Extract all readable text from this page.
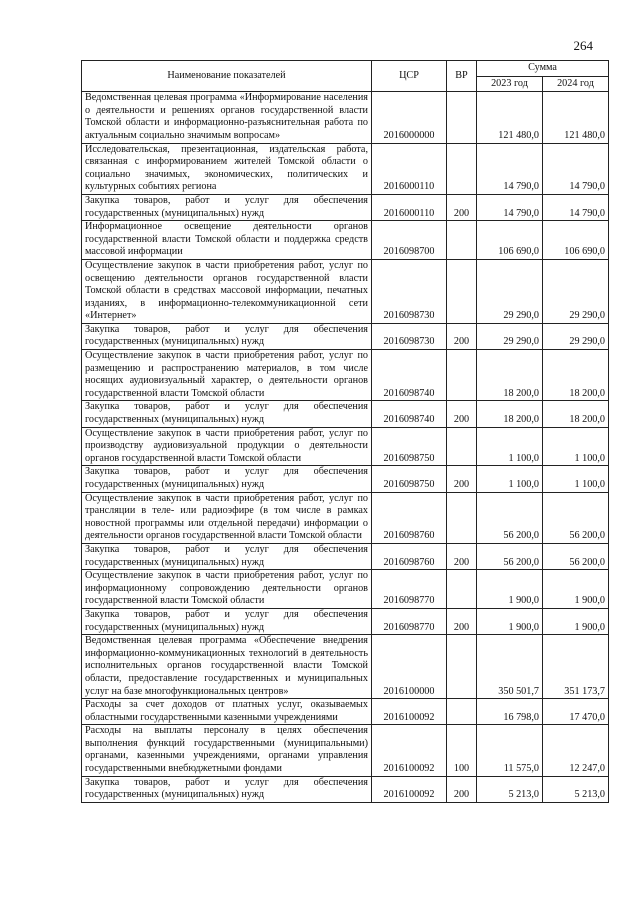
264
Наименование показателей	ЦСР	ВР	Сумма	
			2023 год	2024 год
Ведомственная целевая программа «Информирование населения о деятельности и решениях органов государственной власти Томской области и информационно-разъяснительная работа по актуальным социально значимым вопросам»	2016000000		121 480,0	121 480,0
Исследовательская, презентационная, издательская работа, связанная с информированием жителей Томской области о социально значимых, экономических, политических и культурных событиях региона	2016000110		14 790,0	14 790,0
Закупка товаров, работ и услуг для обеспечения государственных (муниципальных) нужд	2016000110	200	14 790,0	14 790,0
Информационное освещение деятельности органов государственной власти Томской области и поддержка средств массовой информации	2016098700		106 690,0	106 690,0
Осуществление закупок в части приобретения работ, услуг по освещению деятельности органов государственной власти Томской области в средствах массовой информации, печатных изданиях, в информационно-телекоммуникационной сети «Интернет»	2016098730		29 290,0	29 290,0
Закупка товаров, работ и услуг для обеспечения государственных (муниципальных) нужд	2016098730	200	29 290,0	29 290,0
Осуществление закупок в части приобретения работ, услуг по размещению и распространению материалов, в том числе носящих аудиовизуальный характер, о деятельности органов государственной власти Томской области	2016098740		18 200,0	18 200,0
Закупка товаров, работ и услуг для обеспечения государственных (муниципальных) нужд	2016098740	200	18 200,0	18 200,0
Осуществление закупок в части приобретения работ, услуг по производству аудиовизуальной продукции о деятельности органов государственной власти Томской области	2016098750		1 100,0	1 100,0
Закупка товаров, работ и услуг для обеспечения государственных (муниципальных) нужд	2016098750	200	1 100,0	1 100,0
Осуществление закупок в части приобретения работ, услуг по трансляции в теле- или радиоэфире (в том числе в рамках новостной программы или отдельной передачи) информации о деятельности органов государственной власти Томской области	2016098760		56 200,0	56 200,0
Закупка товаров, работ и услуг для обеспечения государственных (муниципальных) нужд	2016098760	200	56 200,0	56 200,0
Осуществление закупок в части приобретения работ, услуг по информационному сопровождению деятельности органов государственной власти Томской области	2016098770		1 900,0	1 900,0
Закупка товаров, работ и услуг для обеспечения государственных (муниципальных) нужд	2016098770	200	1 900,0	1 900,0
Ведомственная целевая программа «Обеспечение внедрения информационно-коммуникационных технологий в деятельность исполнительных органов государственной власти Томской области, предоставление государственных и муниципальных услуг на базе многофункциональных центров»	2016100000		350 501,7	351 173,7
Расходы за счет доходов от платных услуг, оказываемых областными государственными казенными учреждениями	2016100092		16 798,0	17 470,0
Расходы на выплаты персоналу в целях обеспечения выполнения функций государственными (муниципальными) органами, казенными учреждениями, органами управления государственными внебюджетными фондами	2016100092	100	11 575,0	12 247,0
Закупка товаров, работ и услуг для обеспечения государственных (муниципальных) нужд	2016100092	200	5 213,0	5 213,0
